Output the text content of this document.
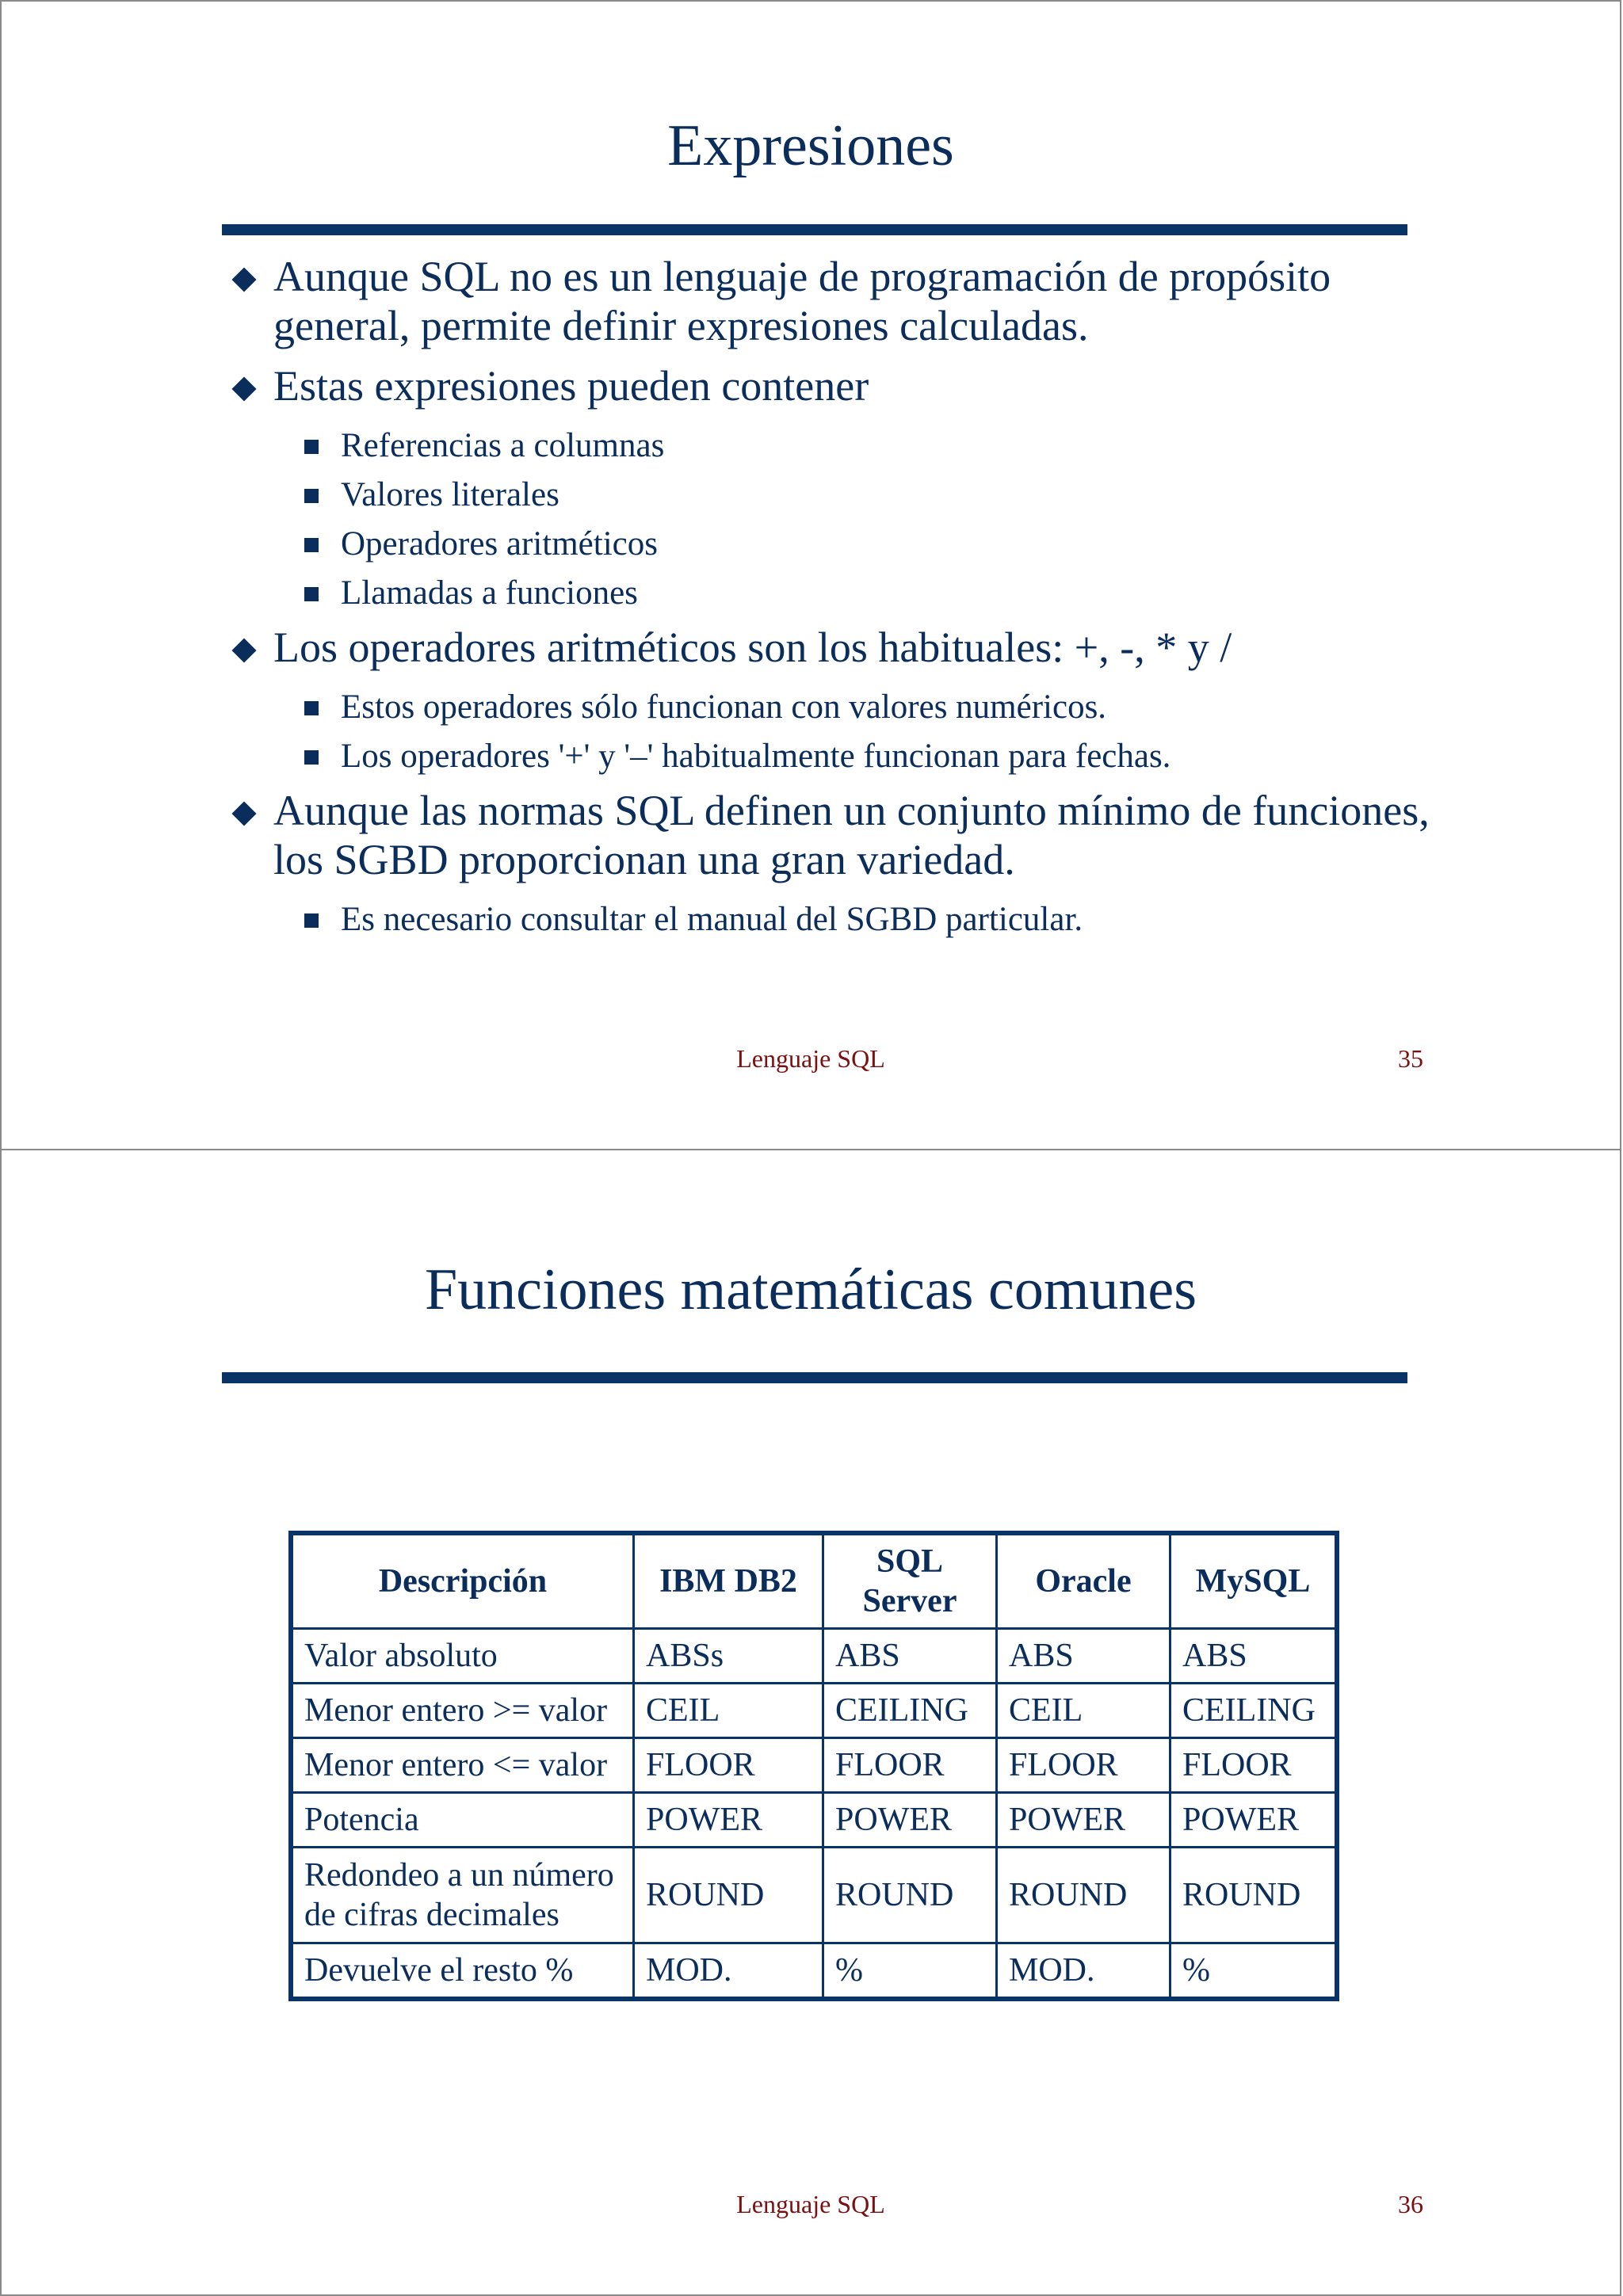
Expresiones
Aunque SQL no es un lenguaje de programación de propósito general, permite definir expresiones calculadas.
Estas expresiones pueden contener
Referencias a columnas
Valores literales
Operadores aritméticos
Llamadas a funciones
Los operadores aritméticos son los habituales: +, -, * y /
Estos operadores sólo funcionan con valores numéricos.
Los operadores '+' y '–' habitualmente funcionan para fechas.
Aunque las normas SQL definen un conjunto mínimo de funciones, los SGBD proporcionan una gran variedad.
Es necesario consultar el manual del SGBD particular.
Lenguaje SQL	35
Funciones matemáticas comunes
Descripción	IBM DB2	SQL Server	Oracle	MySQL
Valor absoluto	ABSs	ABS	ABS	ABS
Menor entero >= valor	CEIL	CEILING	CEIL	CEILING
Menor entero <= valor	FLOOR	FLOOR	FLOOR	FLOOR
Potencia	POWER	POWER	POWER	POWER
Redondeo a un número de cifras decimales	ROUND	ROUND	ROUND	ROUND
Devuelve el resto %	MOD.	%	MOD.	%
Lenguaje SQL	36
